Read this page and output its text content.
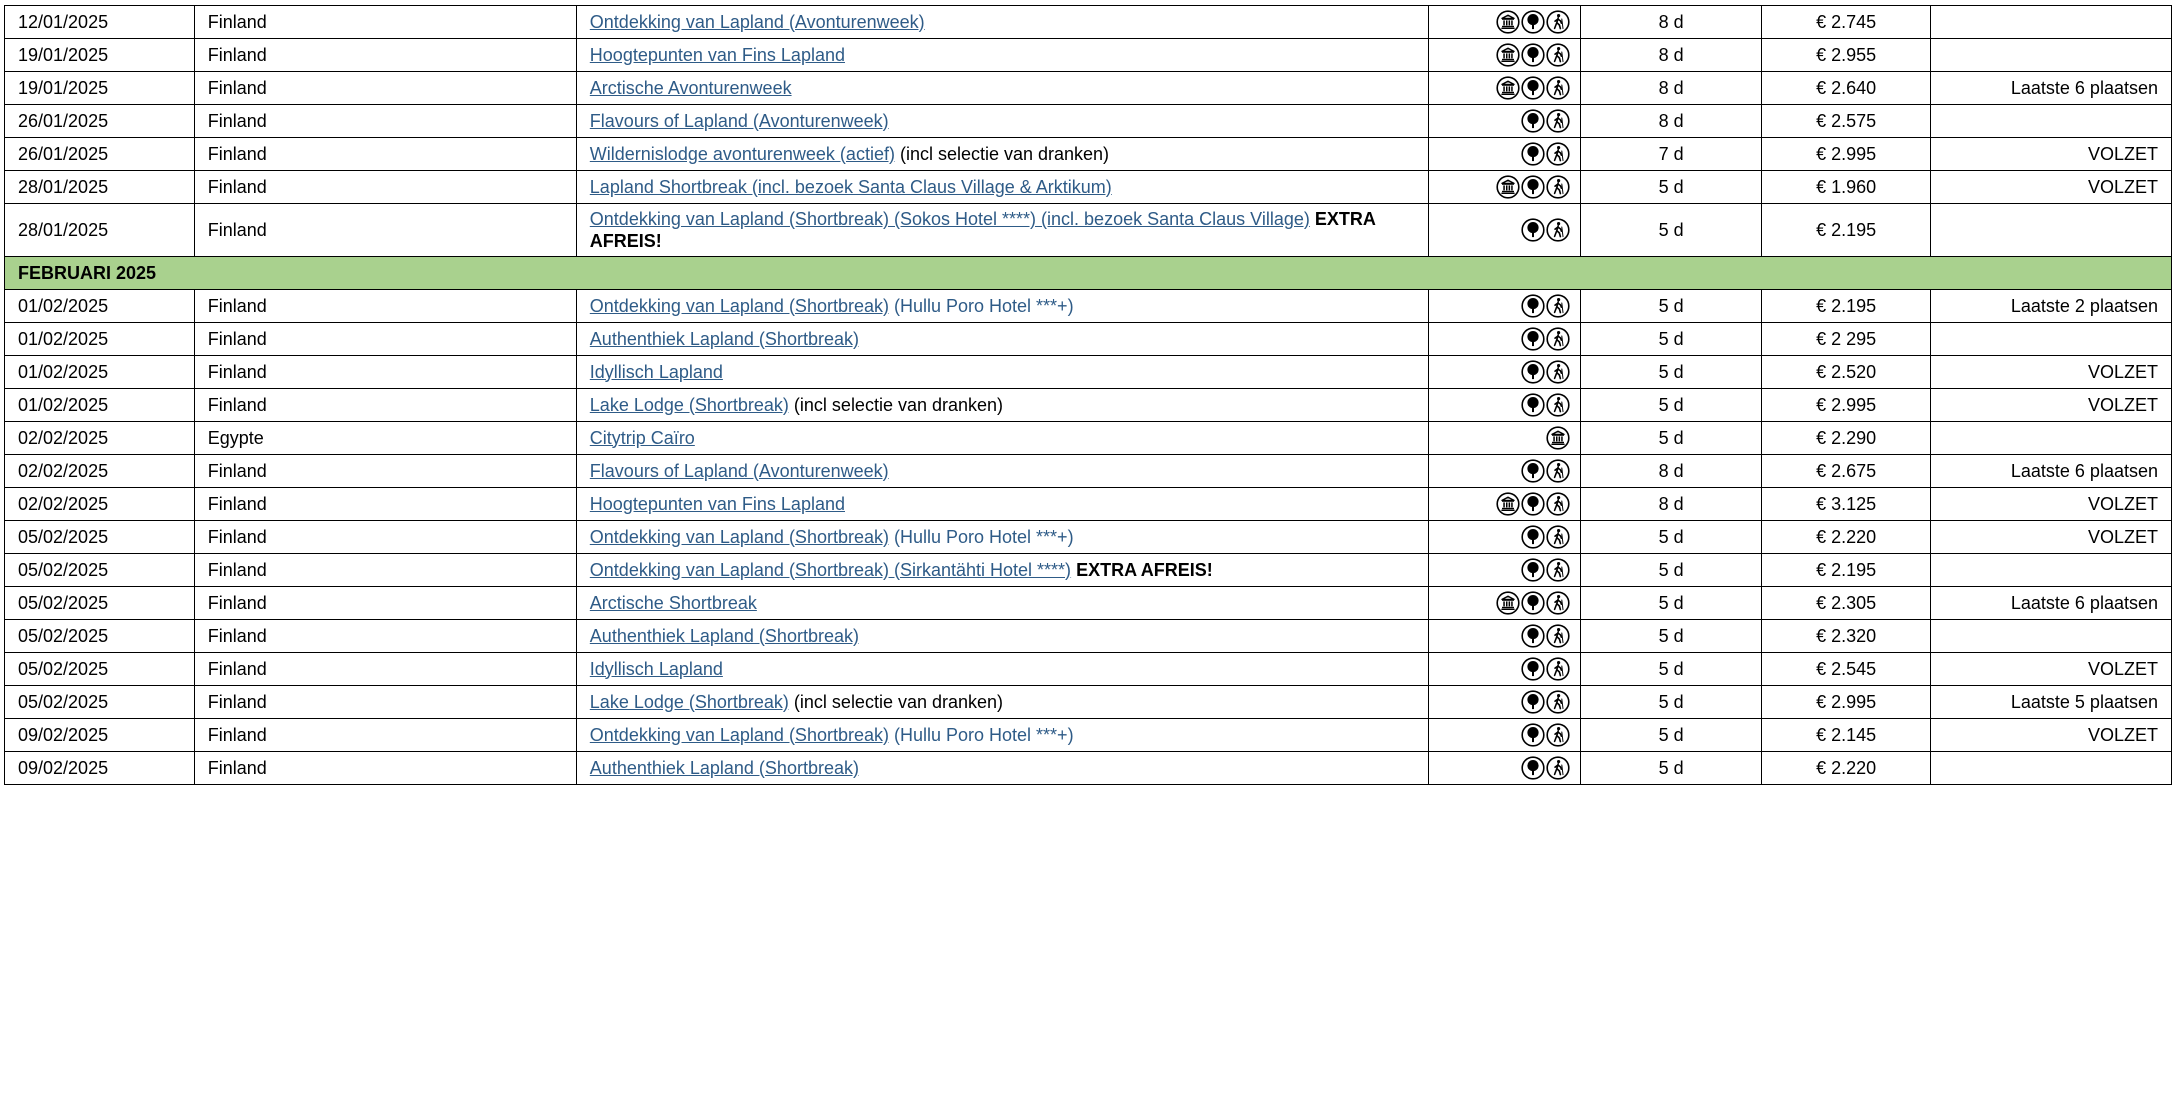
12/01/2025	Finland	Ontdekking van Lapland (Avonturenweek)		8 d	€ 2.745	
19/01/2025	Finland	Hoogtepunten van Fins Lapland		8 d	€ 2.955	
19/01/2025	Finland	Arctische Avonturenweek		8 d	€ 2.640	Laatste 6 plaatsen
26/01/2025	Finland	Flavours of Lapland (Avonturenweek)		8 d	€ 2.575	
26/01/2025	Finland	Wildernislodge avonturenweek (actief) (incl selectie van dranken)		7 d	€ 2.995	VOLZET
28/01/2025	Finland	Lapland Shortbreak (incl. bezoek Santa Claus Village & Arktikum)		5 d	€ 1.960	VOLZET
28/01/2025	Finland	Ontdekking van Lapland (Shortbreak) (Sokos Hotel ****) (incl. bezoek Santa Claus Village) EXTRA AFREIS!		5 d	€ 2.195	
FEBRUARI 2025						
01/02/2025	Finland	Ontdekking van Lapland (Shortbreak) (Hullu Poro Hotel ***+)		5 d	€ 2.195	Laatste 2 plaatsen
01/02/2025	Finland	Authenthiek Lapland (Shortbreak)		5 d	€ 2 295	
01/02/2025	Finland	Idyllisch Lapland		5 d	€ 2.520	VOLZET
01/02/2025	Finland	Lake Lodge (Shortbreak) (incl selectie van dranken)		5 d	€ 2.995	VOLZET
02/02/2025	Egypte	Citytrip Caïro		5 d	€ 2.290	
02/02/2025	Finland	Flavours of Lapland (Avonturenweek)		8 d	€ 2.675	Laatste 6 plaatsen
02/02/2025	Finland	Hoogtepunten van Fins Lapland		8 d	€ 3.125	VOLZET
05/02/2025	Finland	Ontdekking van Lapland (Shortbreak) (Hullu Poro Hotel ***+)		5 d	€ 2.220	VOLZET
05/02/2025	Finland	Ontdekking van Lapland (Shortbreak) (Sirkantähti Hotel ****) EXTRA AFREIS!		5 d	€ 2.195	
05/02/2025	Finland	Arctische Shortbreak		5 d	€ 2.305	Laatste 6 plaatsen
05/02/2025	Finland	Authenthiek Lapland (Shortbreak)		5 d	€ 2.320	
05/02/2025	Finland	Idyllisch Lapland		5 d	€ 2.545	VOLZET
05/02/2025	Finland	Lake Lodge (Shortbreak) (incl selectie van dranken)		5 d	€ 2.995	Laatste 5 plaatsen
09/02/2025	Finland	Ontdekking van Lapland (Shortbreak) (Hullu Poro Hotel ***+)		5 d	€ 2.145	VOLZET
09/02/2025	Finland	Authenthiek Lapland (Shortbreak)		5 d	€ 2.220	
